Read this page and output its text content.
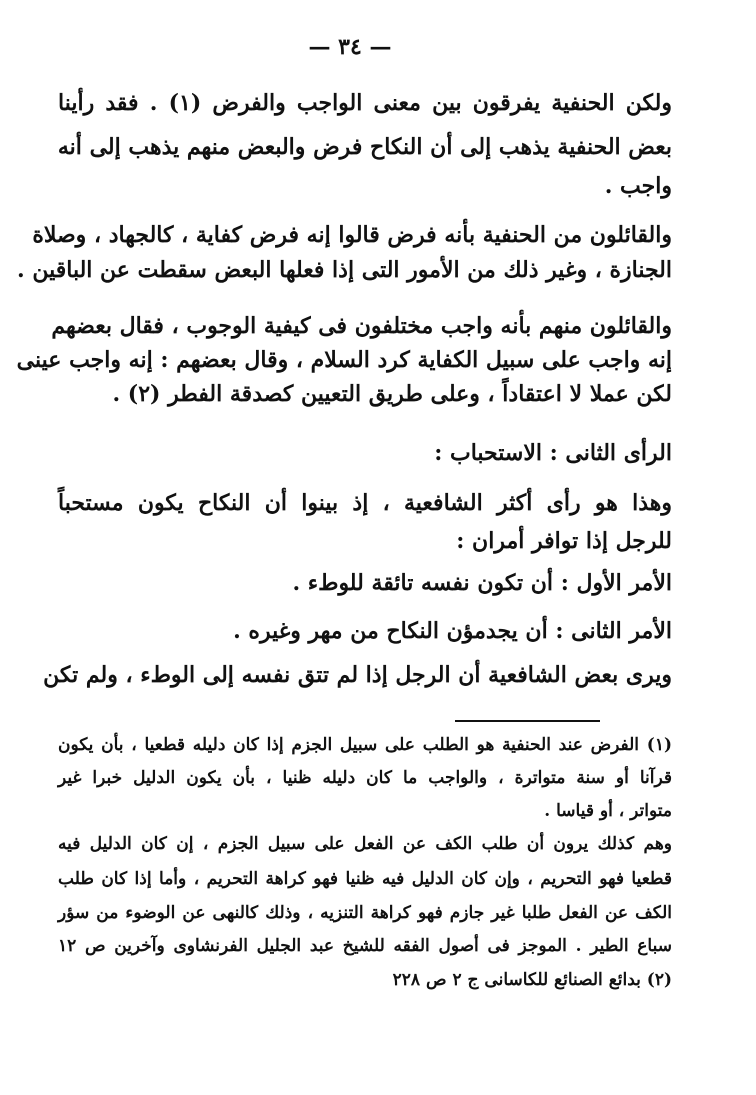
— ٣٤ —
ولكن الحنفية يفرقون بين معنى الواجب والفرض (١) . فقد رأينا
بعض الحنفية يذهب إلى أن النكاح فرض والبعض منهم يذهب إلى أنه
واجب .
والقائلون من الحنفية بأنه فرض قالوا إنه فرض كفاية ، كالجهاد ، وصلاة
الجنازة ، وغير ذلك من الأمور التى إذا فعلها البعض سقطت عن الباقين .
والقائلون منهم بأنه واجب مختلفون فى كيفية الوجوب ، فقال بعضهم
إنه واجب على سبيل الكفاية كرد السلام ، وقال بعضهم : إنه واجب عينى
لكن عملا لا اعتقاداً ، وعلى طريق التعيين كصدقة الفطر (٢) .
الرأى الثانى : الاستحباب :
وهذا هو رأى أكثر الشافعية ، إذ بينوا أن النكاح يكون مستحباً
للرجل إذا توافر أمران :
الأمر الأول : أن تكون نفسه تائقة للوطء .
الأمر الثانى : أن يجدمؤن النكاح من مهر وغيره .
ويرى بعض الشافعية أن الرجل إذا لم تتق نفسه إلى الوطء ، ولم تكن
(١) الفرض عند الحنفية هو الطلب على سبيل الجزم إذا كان دليله قطعيا ، بأن يكون
قرآنا أو سنة متواترة ، والواجب ما كان دليله ظنيا ، بأن يكون الدليل خبرا غير
متواتر ، أو قياسا .
وهم كذلك يرون أن طلب الكف عن الفعل على سبيل الجزم ، إن كان الدليل فيه
قطعيا فهو التحريم ، وإن كان الدليل فيه ظنيا فهو كراهة التحريم ، وأما إذا كان طلب
الكف عن الفعل طلبا غير جازم فهو كراهة التنزيه ، وذلك كالنهى عن الوضوء من سؤر
سباع الطير . الموجز فى أصول الفقه للشيخ عبد الجليل الفرنشاوى وآخرين ص ١٢
(٢) بدائع الصنائع للكاسانى ج ٢ ص ٢٢٨
